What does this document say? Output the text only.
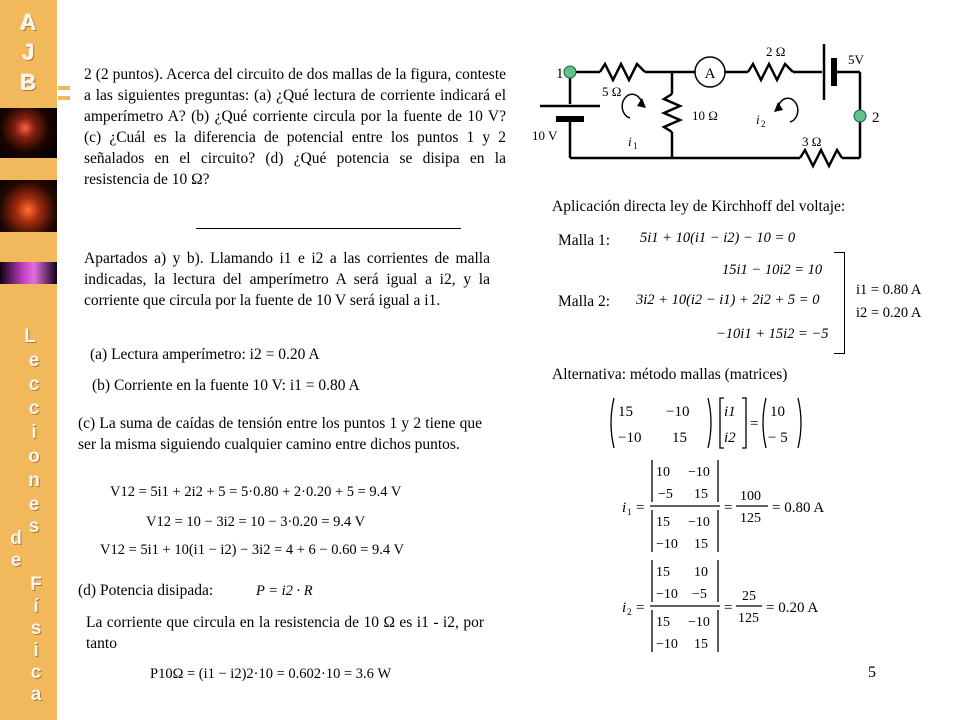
A
J
B
L
e
c
c
i
o
n
e
s
d
e
F
í
s
i
c
a
2 (2 puntos). Acerca del circuito de dos mallas de la figura, conteste a las siguientes preguntas: (a) ¿Qué lectura de corriente indicará el amperímetro A? (b) ¿Qué corriente circula por la fuente de 10 V? (c) ¿Cuál es la diferencia de potencial entre los puntos 1 y 2 señalados en el circuito? (d) ¿Qué potencia se disipa en la resistencia de 10 Ω?
Apartados a) y b). Llamando i1 e i2 a las corrientes de malla indicadas, la lectura del amperímetro A será igual a i2, y la corriente que circula por la fuente de 10 V será igual a i1.
(a) Lectura amperímetro: i2 = 0.20 A
(b) Corriente en la fuente 10 V: i1 = 0.80 A
(c) La suma de caídas de tensión entre los puntos 1 y 2 tiene que ser la misma siguiendo cualquier camino entre dichos puntos.
V12 = 5i1 + 2i2 + 5 = 5·0.80 + 2·0.20 + 5 = 9.4 V
V12 = 10 − 3i2 = 10 − 3·0.20 = 9.4 V
V12 = 5i1 + 10(i1 − i2) − 3i2 = 4 + 6 − 0.60 = 9.4 V
(d) Potencia disipada:	P = i2 · R
La corriente que circula en la resistencia de 10 Ω es i1 - i2, por tanto
P10Ω = (i1 − i2)2·10 = 0.602·10 = 3.6 W
A
1
2
2 Ω
5V
5 Ω
10 Ω
3 Ω
10 V	i 1
i 2
Aplicación directa ley de Kirchhoff del voltaje:
Malla 1: 5i1 + 10(i1 − i2) − 10 = 0
15i1 − 10i2 = 10
Malla 2: 3i2 + 10(i2 − i1) + 2i2 + 5 = 0
−10i1 + 15i2 = −5
i1 = 0.80 A
i2 = 0.20 A
Alternativa: método mallas (matrices)
15 −10
−10 15
i1
i2
=
10
− 5
i 1 =
10 −10
−5 15
15 −10
−10 15
=
100
125
= 0.80 A
i 2 =
15 10
−10 −5
15 −10
−10 15
=
25
125
= 0.20 A
5
